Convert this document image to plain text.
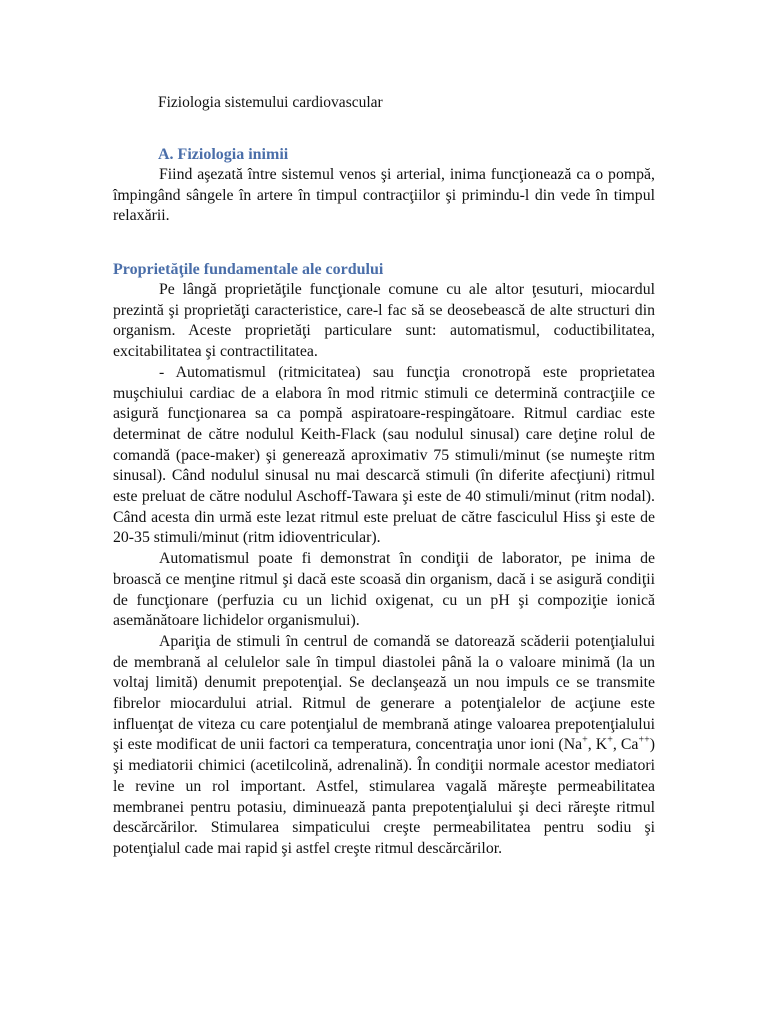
Fiziologia sistemului cardiovascular
A. Fiziologia inimii

Fiind aşezată între sistemul venos şi arterial, inima funcţionează ca o pompă, împingând sângele în artere în timpul contracţiilor şi primindu-l din vede în timpul relaxării.

Proprietăţile fundamentale ale cordului

Pe lângă proprietăţile funcţionale comune cu ale altor ţesuturi, miocardul prezintă şi proprietăţi caracteristice, care-l fac să se deosebească de alte structuri din organism. Aceste proprietăţi particulare sunt: automatismul, coductibilitatea, excitabilitatea şi contractilitatea.

- Automatismul (ritmicitatea) sau funcţia cronotropă este proprietatea muşchiului cardiac de a elabora în mod ritmic stimuli ce determină contracţiile ce asigură funcţionarea sa ca pompă aspiratoare-respingătoare. Ritmul cardiac este determinat de către nodulul Keith-Flack (sau nodulul sinusal) care deţine rolul de comandă (pace-maker) şi generează aproximativ 75 stimuli/minut (se numeşte ritm sinusal). Când nodulul sinusal nu mai descarcă stimuli (în diferite afecţiuni) ritmul este preluat de către nodulul Aschoff-Tawara şi este de 40 stimuli/minut (ritm nodal). Când acesta din urmă este lezat ritmul este preluat de către fasciculul Hiss şi este de 20-35 stimuli/minut (ritm idioventricular).

Automatismul poate fi demonstrat în condiţii de laborator, pe inima de broască ce menţine ritmul şi dacă este scoasă din organism, dacă i se asigură condiţii de funcţionare (perfuzia cu un lichid oxigenat, cu un pH şi compoziţie ionică asemănătoare lichidelor organismului).

Apariţia de stimuli în centrul de comandă se datorează scăderii potenţialului de membrană al celulelor sale în timpul diastolei până la o valoare minimă (la un voltaj limită) denumit prepotenţial. Se declanşează un nou impuls ce se transmite fibrelor miocardului atrial. Ritmul de generare a potenţialelor de acţiune este influenţat de viteza cu care potenţialul de membrană atinge valoarea prepotenţialului şi este modificat de unii factori ca temperatura, concentraţia unor ioni (Na+, K+, Ca++) şi mediatorii chimici (acetilcolină, adrenalină). În condiţii normale acestor mediatori le revine un rol important. Astfel, stimularea vagală măreşte permeabilitatea membranei pentru potasiu, diminuează panta prepotenţialului şi deci răreşte ritmul descărcărilor. Stimularea simpaticului creşte permeabilitatea pentru sodiu şi potenţialul cade mai rapid şi astfel creşte ritmul descărcărilor.
